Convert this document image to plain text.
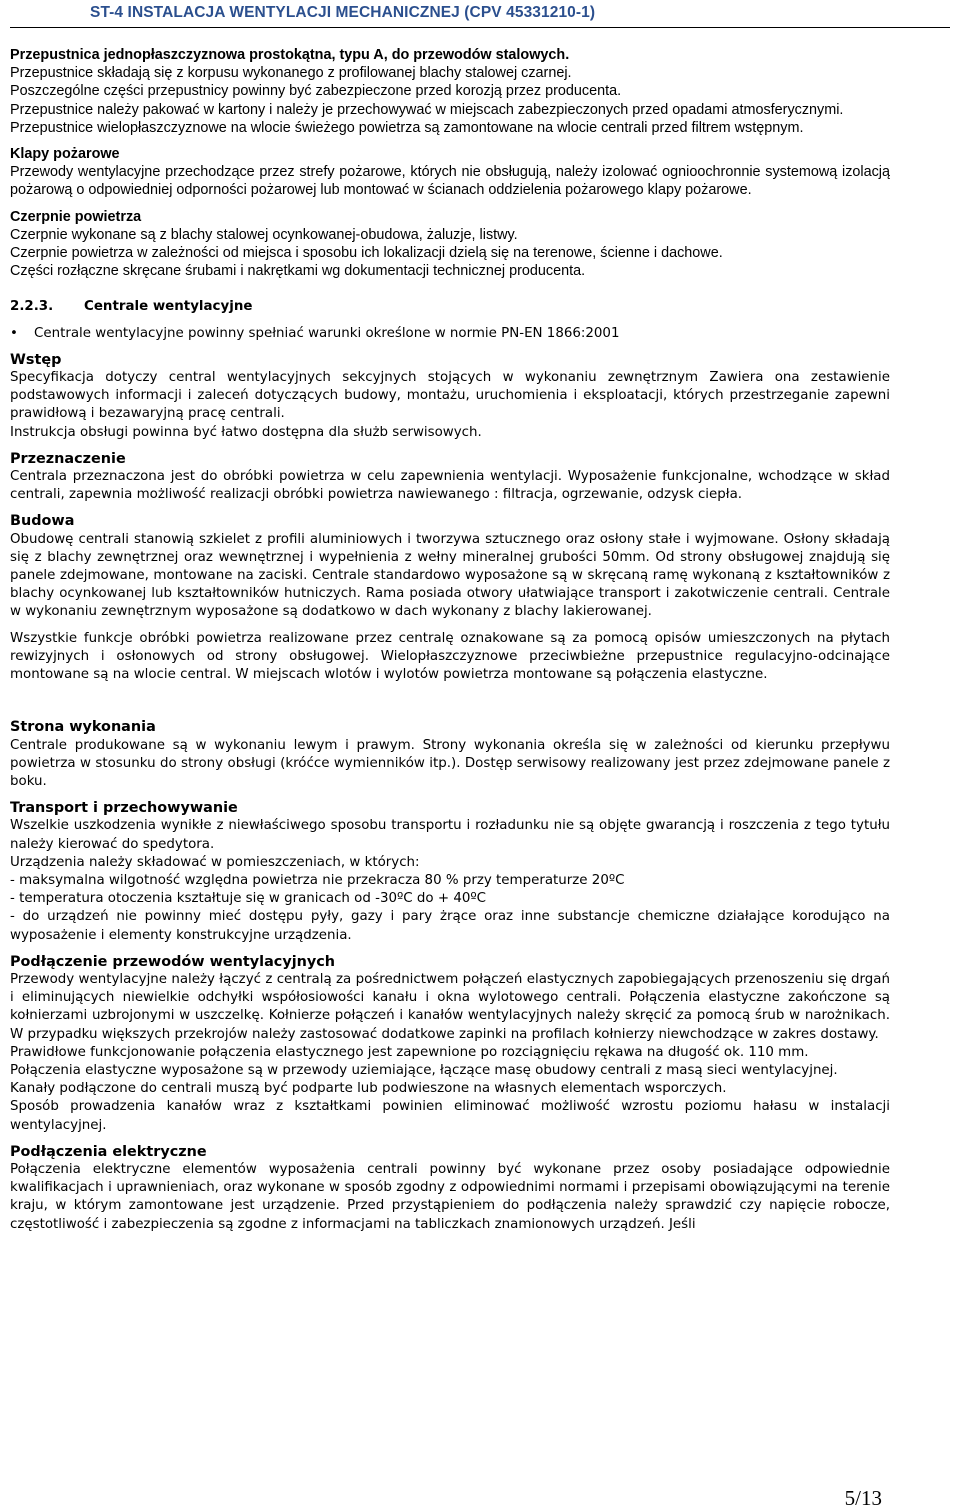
ST-4 INSTALACJA WENTYLACJI MECHANICZNEJ (CPV 45331210-1)
Przepustnica jednopłaszczyznowa prostokątna, typu A, do przewodów stalowych.

Przepustnice składają się z korpusu wykonanego z profilowanej blachy stalowej czarnej.

Poszczególne części przepustnicy powinny być zabezpieczone przed korozją przez producenta.

Przepustnice należy pakować w kartony i należy je przechowywać w miejscach zabezpieczonych przed opadami atmosferycznymi.

Przepustnice wielopłaszczyznowe na wlocie świeżego powietrza są zamontowane na wlocie centrali przed filtrem wstępnym.

Klapy pożarowe

Przewody wentylacyjne przechodzące przez strefy pożarowe, których nie obsługują, należy izolować ognioochronnie systemową izolacją pożarową o odpowiedniej odporności pożarowej lub montować w ścianach oddzielenia pożarowego klapy pożarowe.

Czerpnie powietrza

Czerpnie wykonane są z blachy stalowej ocynkowanej-obudowa, żaluzje, listwy.

Czerpnie powietrza w zależności od miejsca i sposobu ich lokalizacji dzielą się na terenowe, ścienne i dachowe.

Części rozłączne skręcane śrubami i nakrętkami wg dokumentacji technicznej producenta.

2.2.3. Centrale wentylacyjne

•	Centrale wentylacyjne powinny spełniać warunki określone w normie PN-EN 1866:2001

Wstęp

Specyfikacja dotyczy central wentylacyjnych sekcyjnych stojących w wykonaniu zewnętrznym Zawiera ona zestawienie podstawowych informacji i zaleceń dotyczących budowy, montażu, uruchomienia i eksploatacji, których przestrzeganie zapewni prawidłową i bezawaryjną pracę centrali.

Instrukcja obsługi powinna być łatwo dostępna dla służb serwisowych.

Przeznaczenie

Centrala przeznaczona jest do obróbki powietrza w celu zapewnienia wentylacji. Wyposażenie funkcjonalne, wchodzące w skład centrali, zapewnia możliwość realizacji obróbki powietrza nawiewanego : filtracja, ogrzewanie, odzysk ciepła.

Budowa

Obudowę centrali stanowią szkielet z profili aluminiowych i tworzywa sztucznego oraz osłony stałe i wyjmowane. Osłony składają się z blachy zewnętrznej oraz wewnętrznej i wypełnienia z wełny mineralnej grubości 50mm. Od strony obsługowej znajdują się panele zdejmowane, montowane na zaciski. Centrale standardowo wyposażone są w skręcaną ramę wykonaną z kształtowników z blachy ocynkowanej lub kształtowników hutniczych. Rama posiada otwory ułatwiające transport i zakotwiczenie centrali. Centrale w wykonaniu zewnętrznym wyposażone są dodatkowo w dach wykonany z blachy lakierowanej.

Wszystkie funkcje obróbki powietrza realizowane przez centralę oznakowane są za pomocą opisów umieszczonych na płytach rewizyjnych i osłonowych od strony obsługowej. Wielopłaszczyznowe przeciwbieżne przepustnice regulacyjno-odcinające montowane są na wlocie central. W miejscach wlotów i wylotów powietrza montowane są połączenia elastyczne.

Strona wykonania

Centrale produkowane są w wykonaniu lewym i prawym. Strony wykonania określa się w zależności od kierunku przepływu powietrza w stosunku do strony obsługi (króćce wymienników itp.). Dostęp serwisowy realizowany jest przez zdejmowane panele z boku.

Transport i przechowywanie

Wszelkie uszkodzenia wynikłe z niewłaściwego sposobu transportu i rozładunku nie są objęte gwarancją i roszczenia z tego tytułu należy kierować do spedytora.

Urządzenia należy składować w pomieszczeniach, w których:

- maksymalna wilgotność względna powietrza nie przekracza 80 % przy temperaturze 20ºC

- temperatura otoczenia kształtuje się w granicach od -30ºC do + 40ºC

- do urządzeń nie powinny mieć dostępu pyły, gazy i pary żrące oraz inne substancje chemiczne działające korodująco na wyposażenie i elementy konstrukcyjne urządzenia.

Podłączenie przewodów wentylacyjnych

Przewody wentylacyjne należy łączyć z centralą za pośrednictwem połączeń elastycznych zapobiegających przenoszeniu się drgań i eliminujących niewielkie odchyłki współosiowości kanału i okna wylotowego centrali. Połączenia elastyczne zakończone są kołnierzami uzbrojonymi w uszczelkę. Kołnierze połączeń i kanałów wentylacyjnych należy skręcić za pomocą śrub w narożnikach. W przypadku większych przekrojów należy zastosować dodatkowe zapinki na profilach kołnierzy niewchodzące w zakres dostawy.

Prawidłowe funkcjonowanie połączenia elastycznego jest zapewnione po rozciągnięciu rękawa na długość ok. 110 mm.

Połączenia elastyczne wyposażone są w przewody uziemiające, łączące masę obudowy centrali z masą sieci wentylacyjnej.

Kanały podłączone do centrali muszą być podparte lub podwieszone na własnych elementach wsporczych.

Sposób prowadzenia kanałów wraz z kształtkami powinien eliminować możliwość wzrostu poziomu hałasu w instalacji wentylacyjnej.

Podłączenia elektryczne

Połączenia elektryczne elementów wyposażenia centrali powinny być wykonane przez osoby posiadające odpowiednie kwalifikacjach i uprawnieniach, oraz wykonane w sposób zgodny z odpowiednimi normami i przepisami obowiązującymi na terenie kraju, w którym zamontowane jest urządzenie. Przed przystąpieniem do podłączenia należy sprawdzić czy napięcie robocze, częstotliwość i zabezpieczenia są zgodne z informacjami na tabliczkach znamionowych urządzeń. Jeśli

5/13
